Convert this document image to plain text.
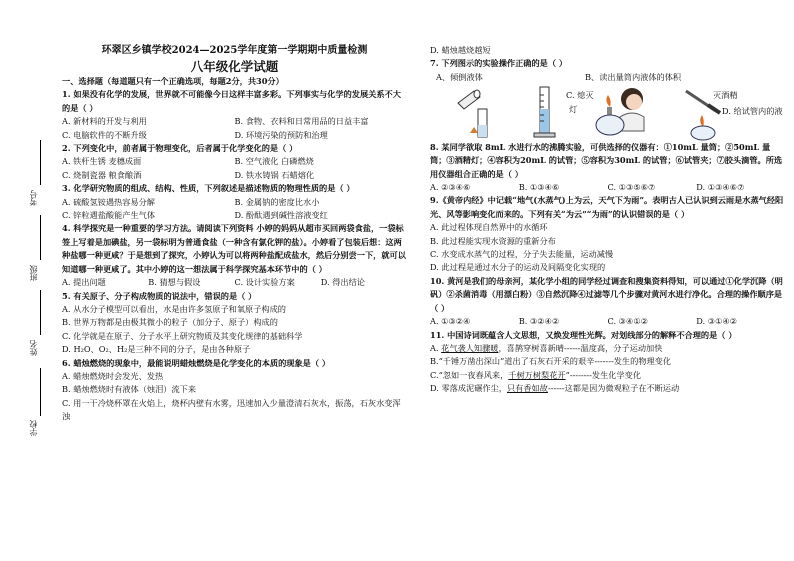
考号
班级
姓名
学校
环翠区乡镇学校2024—2025学年度第一学期期中质量检测
八年级化学试题
一、选择题（每道题只有一个正确选项，每题2分，共30分）
1. 如果没有化学的发展，世界就不可能像今日这样丰富多彩。下列事实与化学的发展关系不大的是（ ）
A. 新材料的开发与利用	B. 食物、衣料和日常用品的日益丰富
C. 电脑软件的不断升级	D. 环境污染的预防和治理
2. 下列变化中，前者属于物理变化，后者属于化学变化的是（ ）
A. 铁杆生锈 麦穗成面	B. 空气液化 白磷燃烧
C. 烧制瓷器 粮食酿酒	D. 铁水铸锅 石蜡熔化
3. 化学研究物质的组成、结构、性质，下列叙述是描述物质的物理性质的是（ ）
A. 硫酸氢铵遇热容易分解	B. 金属钠的密度比水小
C. 锌粒遇盐酸能产生气体	D. 酚酞遇到碱性溶液变红
4. 科学探究是一种重要的学习方法。请阅读下列资料 小婷的妈妈从超市买回两袋食盐，一袋标签上写着是加碘盐，另一袋标明为普通食盐（一种含有氯化钾的盐）。小婷看了包装后想：这两种盐哪一种更咸？于是想到了探究，小婷认为可以将两种盐配成盐水，然后分别尝一下，就可以知道哪一种更咸了。其中小婷的这一想法属于科学探究基本环节中的（ ）
A. 提出问题	B. 猜想与假设	C. 设计实验方案	D. 得出结论
5. 有关原子、分子构成物质的说法中，错误的是（ ）
A. 从水分子模型可以看出，水是由许多氢原子和氧原子构成的
B. 世界万物都是由极其微小的粒子（加分子、原子）构成的
C. 化学就是在原子、分子水平上研究物质及其变化规律的基础科学
D. H₂O、O₂、H₂是三种不同的分子，是由各种原子
6. 蜡烛燃烧的现象中，最能说明蜡烛燃烧是化学变化的本质的现象是（ ）
A. 蜡烛燃烧时会发光、发热
B. 蜡烛燃烧时有液体（烛泪）流下来
C. 用一干冷烧杯罩在火焰上，烧杯内壁有水雾，迅速加入少量澄清石灰水，振荡，石灰水变浑浊
D. 蜡烛越烧越短
7. 下列图示的实验操作正确的是（ ）
A、倾倒液体	B、读出量筒内液体的体积
C. 熄灭
灯
灭酒精
D. 给试管内的液
8. 某同学欲取 8mL 水进行水的沸腾实验，可供选择的仪器有：①10mL 量筒；②50mL 量筒；③酒精灯；④容积为20mL 的试管；⑤容积为30mL 的试管；⑥试管夹；⑦胶头滴管。所选用仪器组合正确的是（ ）
A. ②③④⑥	B. ①③④⑥	C. ①③⑤⑥⑦	D. ①③④⑥⑦
9.《黄帝内经》中记载“地气(水蒸气)上为云，天气下为雨”。表明古人已认识到云雨是水蒸气经阳光、风等影响变化而来的。下列有关“为云”“为雨”的认识错误的是（ ）
A. 此过程体现自然界中的水循环
B. 此过程能实现水资源的重新分布
C. 水变成水蒸气的过程，分子失去能量，运动减慢
D. 此过程是通过水分子的运动及间隔变化实现的
10. 黄河是我们的母亲河，某化学小组的同学经过调查和搜集资料得知，可以通过①化学沉降（明矾）②杀菌消毒（用漂白粉）③自然沉降④过滤等几个步骤对黄河水进行净化。合理的操作顺序是（ ）
A. ①③②④	B. ③②④②	C. ③④①②	D. ③①④②
11. 中国诗词既蕴含人文思想，又焕发理性光辉。对划线部分的解释不合理的是（ ）
A. 花气袭人知骤暖，喜鹊穿树喜新晴------温度高，分子运动加快
B.“千锤万凿出深山”道出了石灰石开采的艰辛-------发生的物理变化
C.“忽如一夜春风来，千树万树梨花开”--------发生化学变化
D. 零落成泥碾作尘，只有香如故------这都是因为微观粒子在不断运动
